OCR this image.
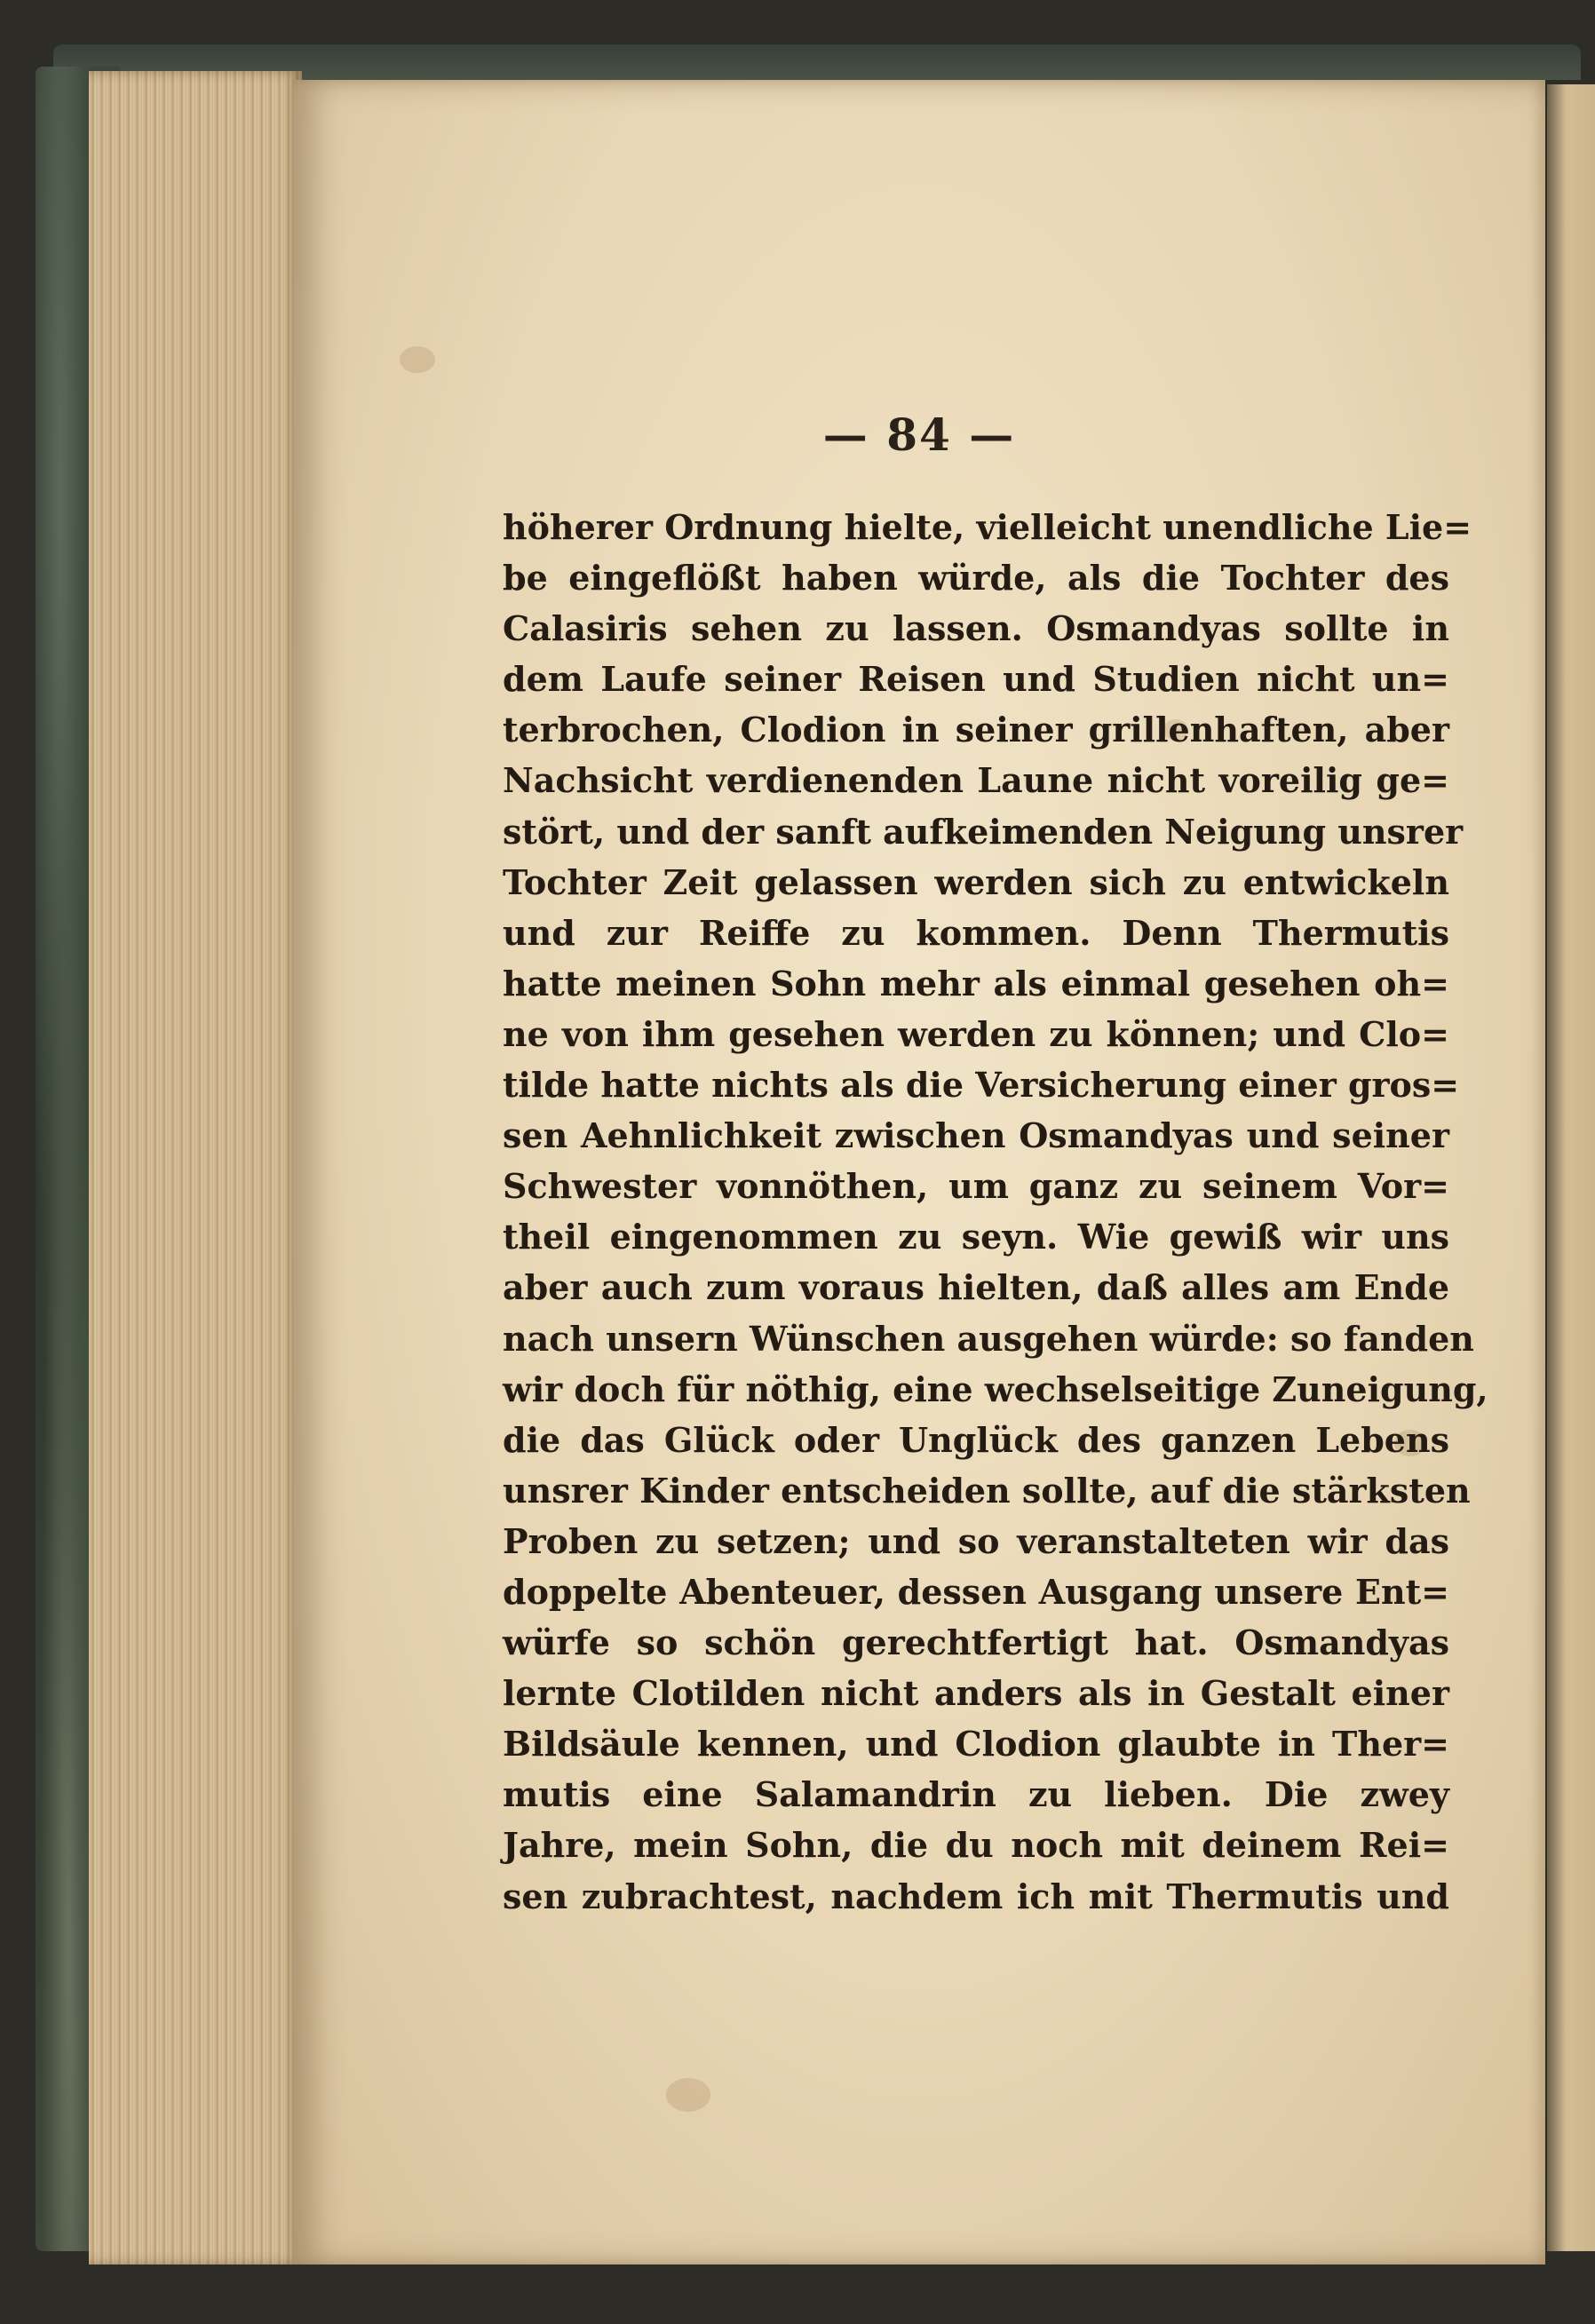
— 84 —
höherer Ordnung hielte, vielleicht unendliche Lie=
be eingeflößt haben würde, als die Tochter des
Calasiris sehen zu lassen. Osmandyas sollte in
dem Laufe seiner Reisen und Studien nicht un=
terbrochen, Clodion in seiner grillenhaften, aber
Nachsicht verdienenden Laune nicht voreilig ge=
stört, und der sanft aufkeimenden Neigung unsrer
Tochter Zeit gelassen werden sich zu entwickeln
und zur Reiffe zu kommen. Denn Thermutis
hatte meinen Sohn mehr als einmal gesehen oh=
ne von ihm gesehen werden zu können; und Clo=
tilde hatte nichts als die Versicherung einer gros=
sen Aehnlichkeit zwischen Osmandyas und seiner
Schwester vonnöthen, um ganz zu seinem Vor=
theil eingenommen zu seyn. Wie gewiß wir uns
aber auch zum voraus hielten, daß alles am Ende
nach unsern Wünschen ausgehen würde: so fanden
wir doch für nöthig, eine wechselseitige Zuneigung,
die das Glück oder Unglück des ganzen Lebens
unsrer Kinder entscheiden sollte, auf die stärksten
Proben zu setzen; und so veranstalteten wir das
doppelte Abenteuer, dessen Ausgang unsere Ent=
würfe so schön gerechtfertigt hat. Osmandyas
lernte Clotilden nicht anders als in Gestalt einer
Bildsäule kennen, und Clodion glaubte in Ther=
mutis eine Salamandrin zu lieben. Die zwey
Jahre, mein Sohn, die du noch mit deinem Rei=
sen zubrachtest, nachdem ich mit Thermutis und
